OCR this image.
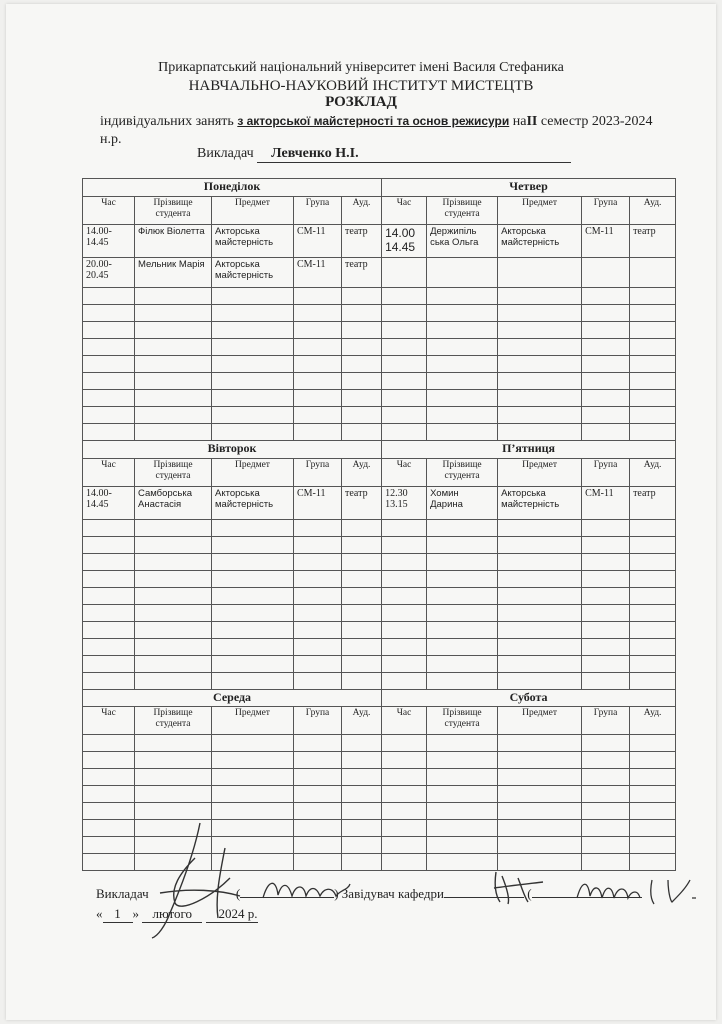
Прикарпатський національний університет імені Василя Стефаника
НАВЧАЛЬНО-НАУКОВИЙ ІНСТИТУТ МИСТЕЦТВ
РОЗКЛАД
індивідуальних занять з акторської майстерності та основ режисури наII семестр 2023-2024
н.р.
Викладач Левченко Н.І.
Понеділок					Четвер				
Час	Прізвище студента	Предмет	Група	Ауд.	Час	Прізвище студента	Предмет	Група	Ауд.
14.00-14.45	Філюк Віолетта	Акторська майстерність	СМ-11	театр	14.00 14.45	Держипіль ська Ольга	Акторська майстерність	СМ-11	театр
20.00-20.45	Мельник Марія	Акторська майстерність	СМ-11	театр					

Вівторок					П’ятниця				
Час	Прізвище студента	Предмет	Група	Ауд.	Час	Прізвище студента	Предмет	Група	Ауд.
14.00-14.45	Самборська Анастасія	Акторська майстерність	СМ-11	театр	12.30 13.15	Хомин Дарина	Акторська майстерність	СМ-11	театр

Середа					Субота				
Час	Прізвище студента	Предмет	Група	Ауд.	Час	Прізвище студента	Предмет	Група	Ауд.

Викладач	(	) Завідувач кафедри	(
« 1 » лютого 2024 р.
